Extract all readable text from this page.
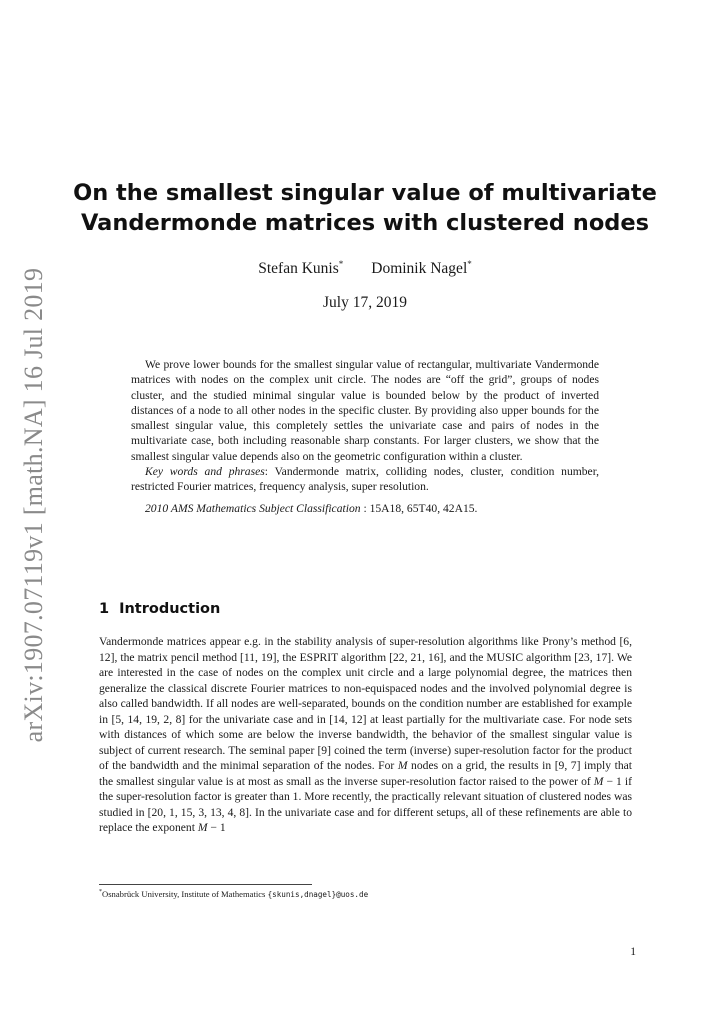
arXiv:1907.07119v1 [math.NA] 16 Jul 2019
On the smallest singular value of multivariate
Vandermonde matrices with clustered nodes
Stefan Kunis* Dominik Nagel*
July 17, 2019

We prove lower bounds for the smallest singular value of rectangular, multivariate Vandermonde matrices with nodes on the complex unit circle. The nodes are “off the grid”, groups of nodes cluster, and the studied minimal singular value is bounded below by the product of inverted distances of a node to all other nodes in the specific cluster. By providing also upper bounds for the smallest singular value, this completely settles the univariate case and pairs of nodes in the multivariate case, both including reasonable sharp constants. For larger clusters, we show that the smallest singular value depends also on the geometric configuration within a cluster.

Key words and phrases: Vandermonde matrix, colliding nodes, cluster, condition number, restricted Fourier matrices, frequency analysis, super resolution.

2010 AMS Mathematics Subject Classification : 15A18, 65T40, 42A15.

1 Introduction

Vandermonde matrices appear e.g. in the stability analysis of super-resolution algorithms like Prony’s method [6, 12], the matrix pencil method [11, 19], the ESPRIT algorithm [22, 21, 16], and the MUSIC algorithm [23, 17]. We are interested in the case of nodes on the complex unit circle and a large polynomial degree, the matrices then generalize the classical discrete Fourier matrices to non-equispaced nodes and the involved polynomial degree is also called bandwidth. If all nodes are well-separated, bounds on the condition number are established for example in [5, 14, 19, 2, 8] for the univariate case and in [14, 12] at least partially for the multivariate case. For node sets with distances of which some are below the inverse bandwidth, the behavior of the smallest singular value is subject of current research. The seminal paper [9] coined the term (inverse) super-resolution factor for the product of the bandwidth and the minimal separation of the nodes. For M nodes on a grid, the results in [9, 7] imply that the smallest singular value is at most as small as the inverse super-resolution factor raised to the power of M − 1 if the super-resolution factor is greater than 1. More recently, the practically relevant situation of clustered nodes was studied in [20, 1, 15, 3, 13, 4, 8]. In the univariate case and for different setups, all of these refinements are able to replace the exponent M − 1

*Osnabrück University, Institute of Mathematics {skunis,dnagel}@uos.de
1
